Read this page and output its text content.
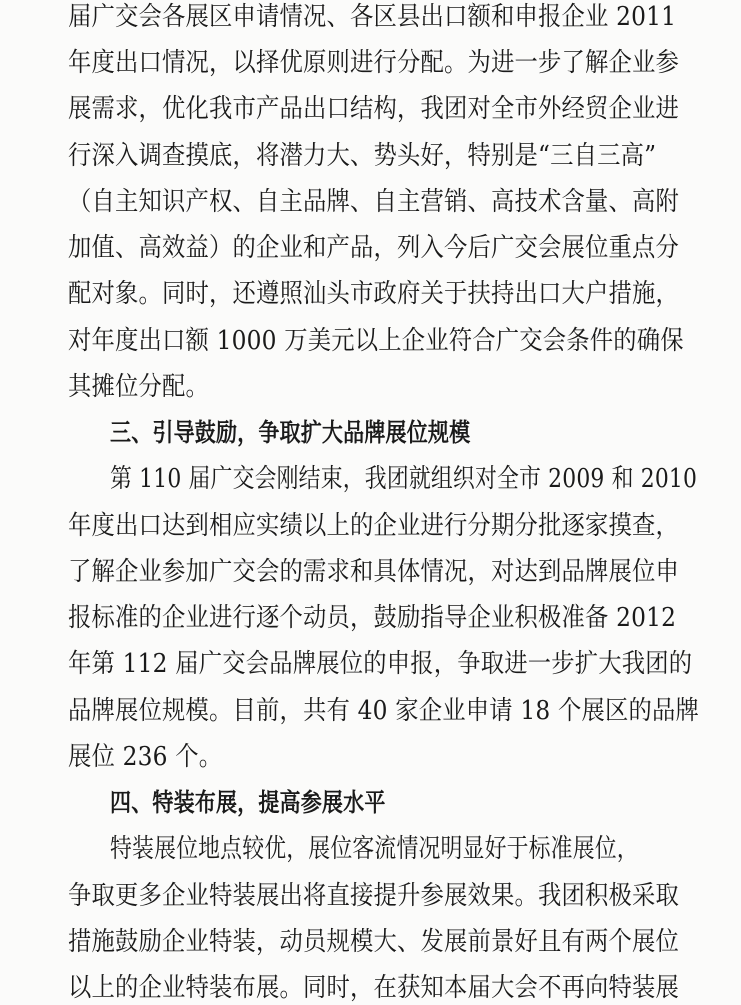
届广交会各展区申请情况、各区县出口额和申报企业 2011
年度出口情况，以择优原则进行分配。为进一步了解企业参
展需求，优化我市产品出口结构，我团对全市外经贸企业进
行深入调查摸底，将潜力大、势头好，特别是“三自三高”
（自主知识产权、自主品牌、自主营销、高技术含量、高附
加值、高效益）的企业和产品，列入今后广交会展位重点分
配对象。同时，还遵照汕头市政府关于扶持出口大户措施，
对年度出口额 1000 万美元以上企业符合广交会条件的确保
其摊位分配。
三、引导鼓励，争取扩大品牌展位规模
第 110 届广交会刚结束，我团就组织对全市 2009 和 2010
年度出口达到相应实绩以上的企业进行分期分批逐家摸查，
了解企业参加广交会的需求和具体情况，对达到品牌展位申
报标准的企业进行逐个动员，鼓励指导企业积极准备 2012
年第 112 届广交会品牌展位的申报，争取进一步扩大我团的
品牌展位规模。目前，共有 40 家企业申请 18 个展区的品牌
展位 236 个。
四、特装布展，提高参展水平
特装展位地点较优，展位客流情况明显好于标准展位，
争取更多企业特装展出将直接提升参展效果。我团积极采取
措施鼓励企业特装，动员规模大、发展前景好且有两个展位
以上的企业特装布展。同时，在获知本届大会不再向特装展
